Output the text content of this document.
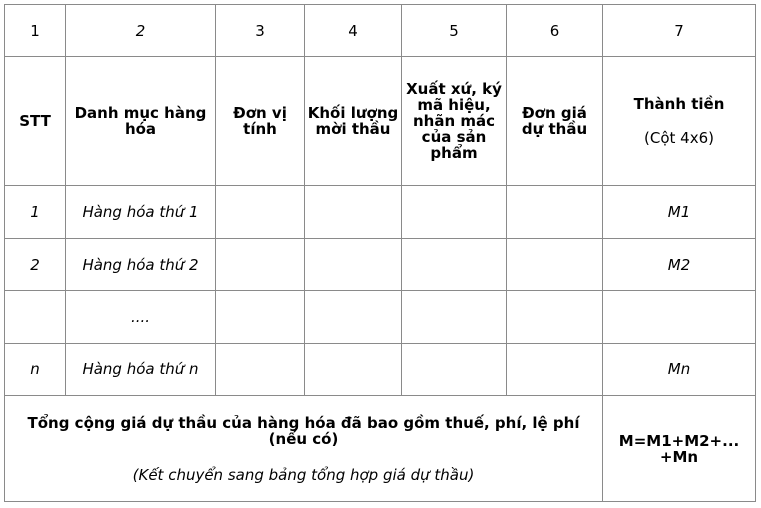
1	2	3	4	5	6	7
STT	Danh mục hàng hóa	Đơn vị tính	Khối lượng mời thầu	Xuất xứ, ký mã hiệu, nhãn mác của sản phẩm	Đơn giá dự thầu	Thành tiền
(Cột 4x6)

1	Hàng hóa thứ 1					M1
2	Hàng hóa thứ 2					M2
	....					
n	Hàng hóa thứ n					Mn
Tổng cộng giá dự thầu của hàng hóa đã bao gồm thuế, phí, lệ phí (nếu có)
(Kết chuyển sang bảng tổng hợp giá dự thầu)						M=M1+M2+... +Mn
